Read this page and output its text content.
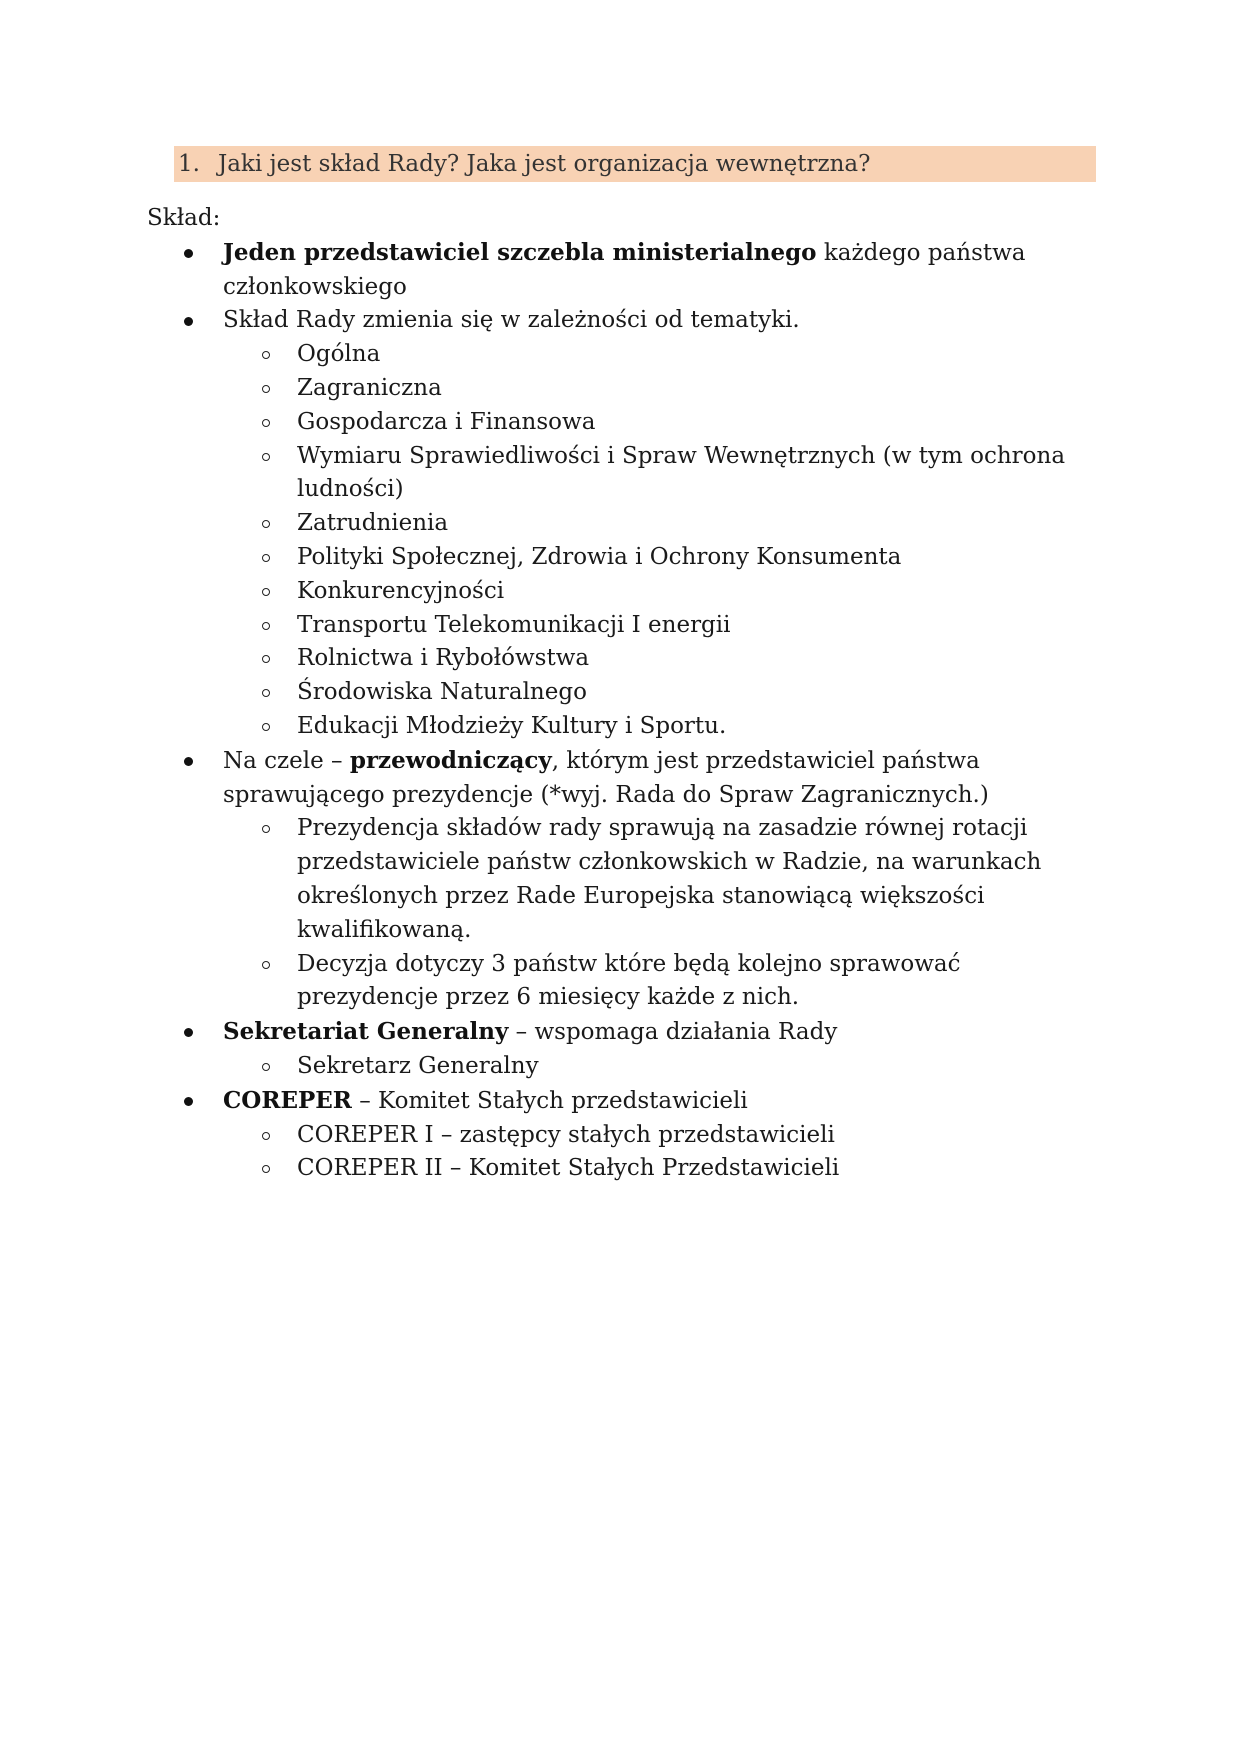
1. Jaki jest skład Rady? Jaka jest organizacja wewnętrzna?

Skład:

Jeden przedstawiciel szczebla ministerialnego każdego państwa członkowskiego
Skład Rady zmienia się w zależności od tematyki.
Ogólna
Zagraniczna
Gospodarcza i Finansowa
Wymiaru Sprawiedliwości i Spraw Wewnętrznych (w tym ochrona ludności)
Zatrudnienia
Polityki Społecznej, Zdrowia i Ochrony Konsumenta
Konkurencyjności
Transportu Telekomunikacji I energii
Rolnictwa i Rybołówstwa
Środowiska Naturalnego
Edukacji Młodzieży Kultury i Sportu.
Na czele – przewodniczący, którym jest przedstawiciel państwa sprawującego prezydencje (*wyj. Rada do Spraw Zagranicznych.)
Prezydencja składów rady sprawują na zasadzie równej rotacji przedstawiciele państw członkowskich w Radzie, na warunkach określonych przez Rade Europejska stanowiącą większości kwalifikowaną.
Decyzja dotyczy 3 państw które będą kolejno sprawować prezydencje przez 6 miesięcy każde z nich.
Sekretariat Generalny – wspomaga działania Rady
Sekretarz Generalny
COREPER – Komitet Stałych przedstawicieli
COREPER I – zastępcy stałych przedstawicieli
COREPER II – Komitet Stałych Przedstawicieli
